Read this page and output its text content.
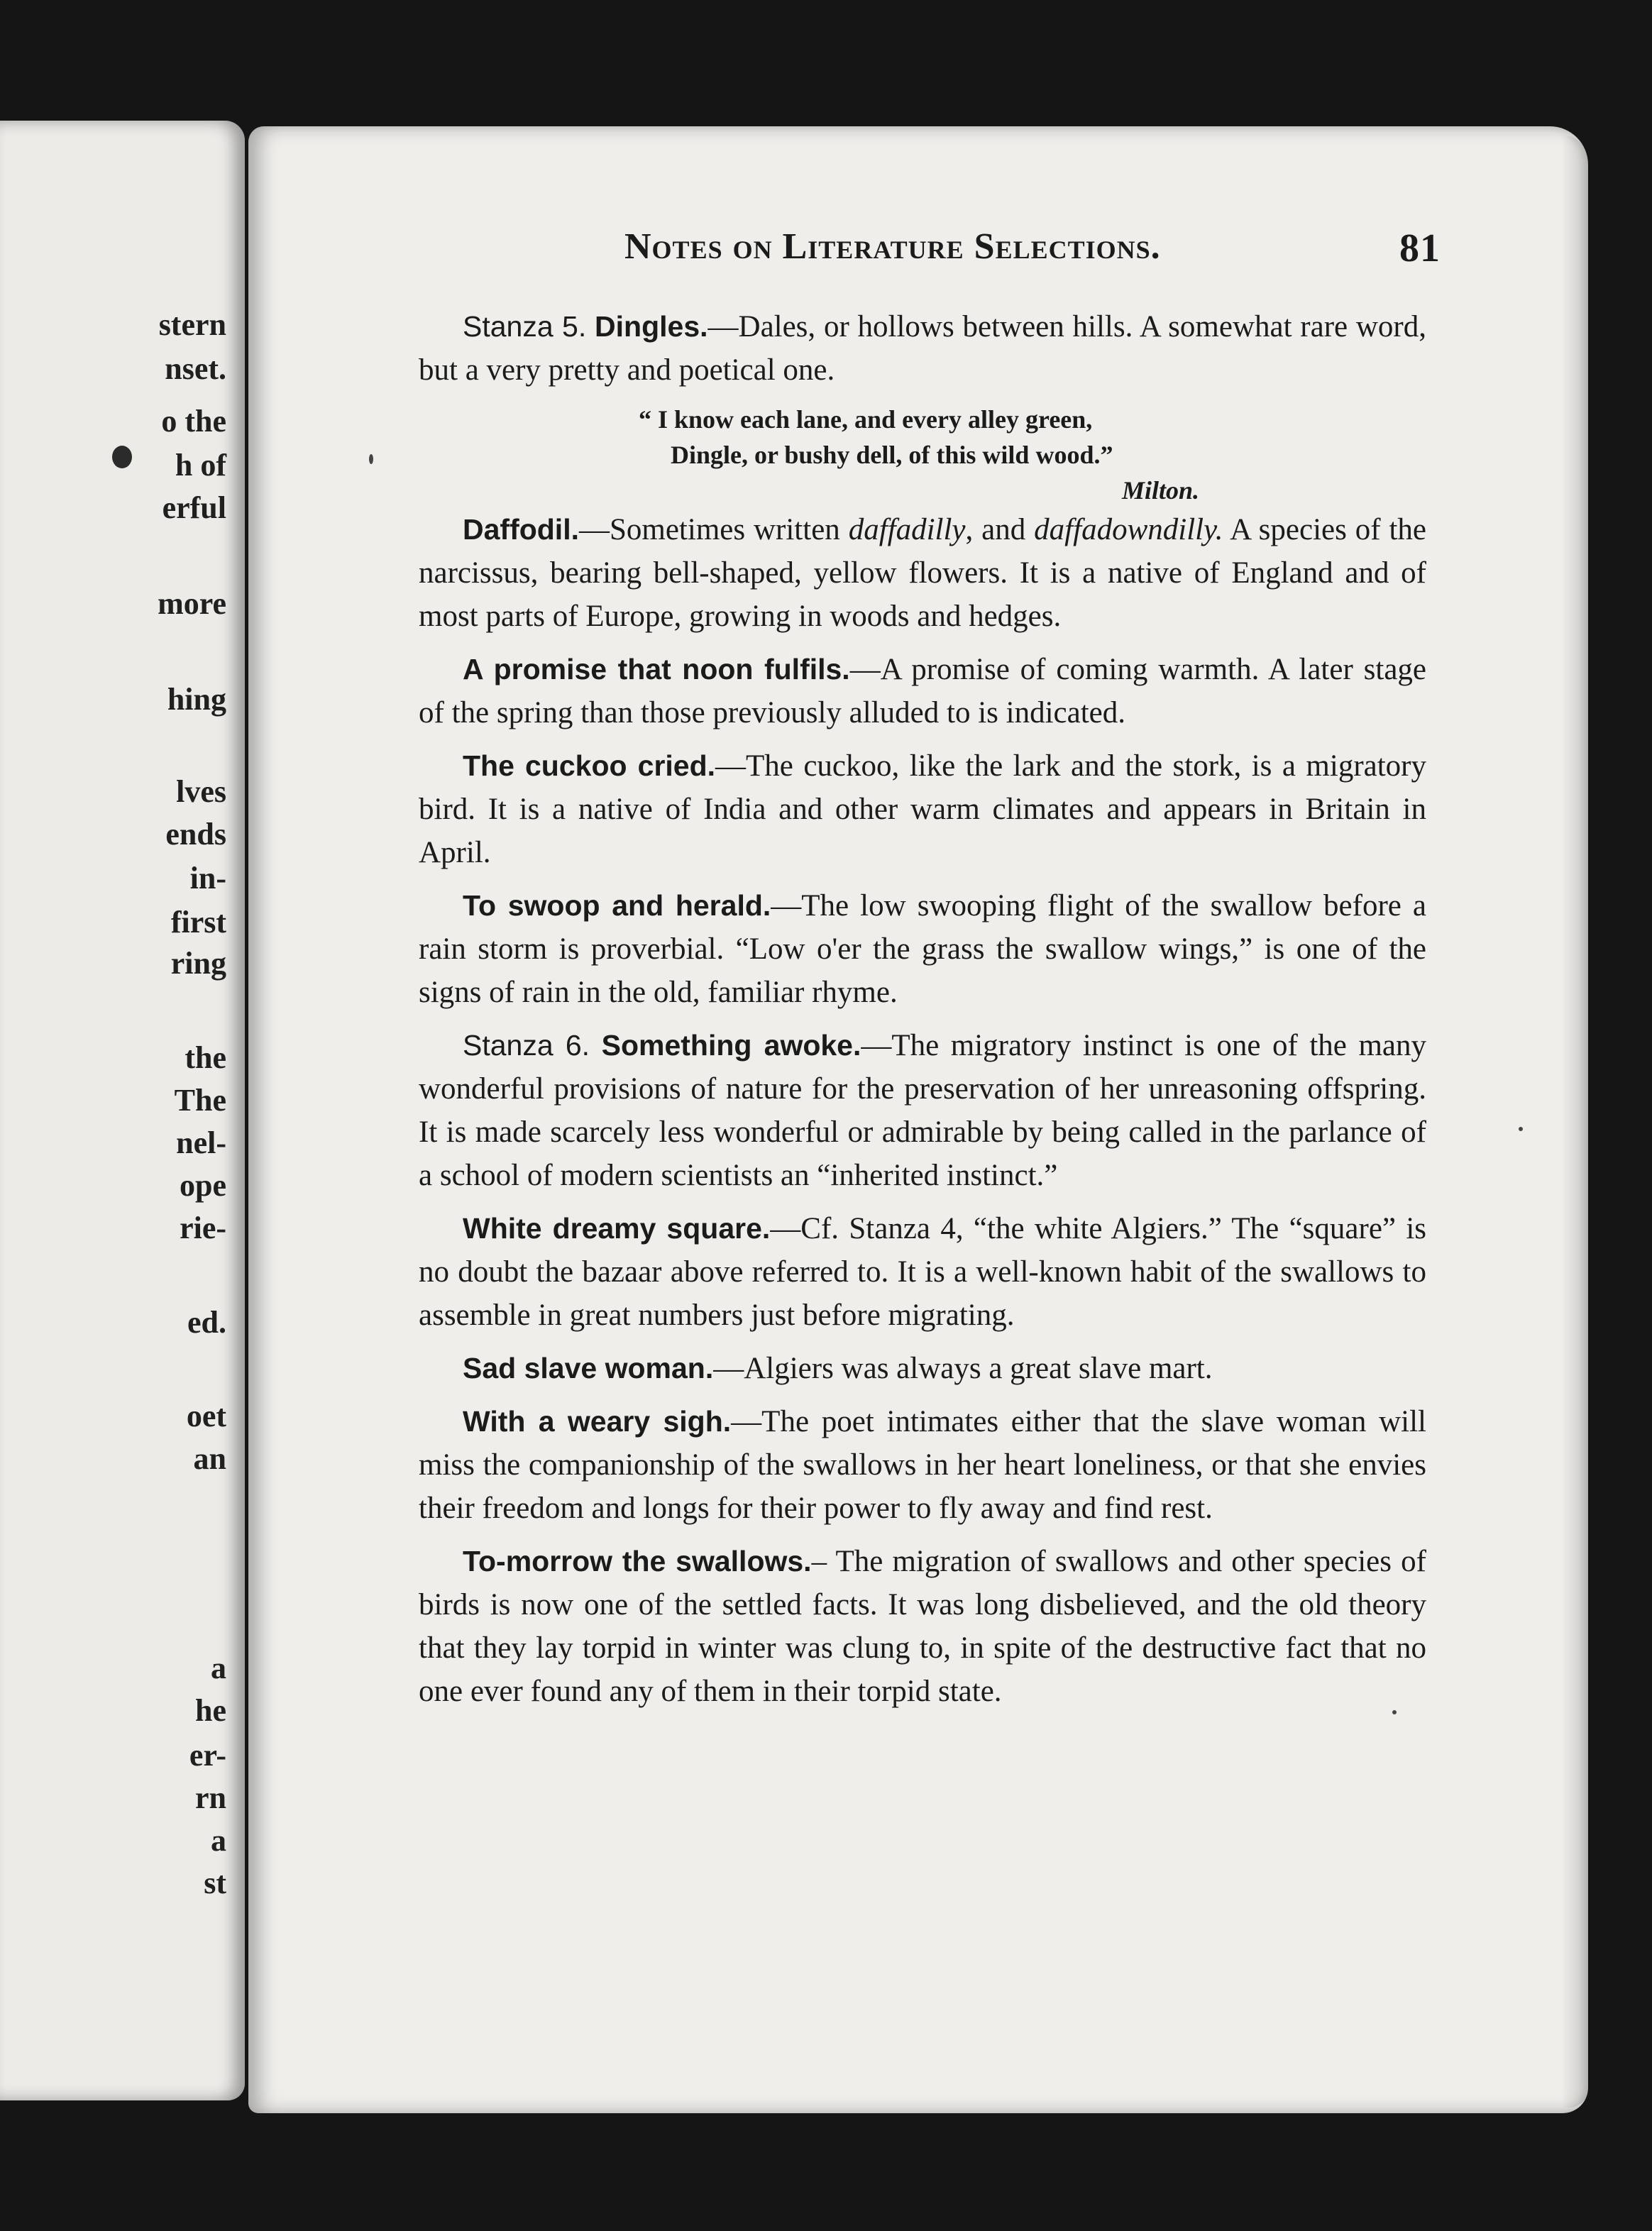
stern
nset.
o the
h of
erful
more
hing
lves
ends
in-
first
ring
the
The
nel-
ope
rie-
ed.
oet
an
a
he
er-
rn
a
st
Notes on Literature Selections.	81

Stanza 5. Dingles.—Dales, or hollows between hills. A somewhat rare word, but a very pretty and poetical one.

“ I know each lane, and every alley green,
Dingle, or bushy dell, of this wild wood.”
Milton.

Daffodil.—Sometimes written daffadilly, and daffadowndilly. A species of the narcissus, bearing bell-shaped, yellow flowers. It is a native of England and of most parts of Europe, growing in woods and hedges.

A promise that noon fulfils.—A promise of coming warmth. A later stage of the spring than those previously alluded to is indicated.

The cuckoo cried.—The cuckoo, like the lark and the stork, is a migratory bird. It is a native of India and other warm climates and appears in Britain in April.

To swoop and herald.—The low swooping flight of the swallow before a rain storm is proverbial. “Low o'er the grass the swallow wings,” is one of the signs of rain in the old, familiar rhyme.

Stanza 6. Something awoke.—The migratory instinct is one of the many wonderful provisions of nature for the preservation of her unreasoning offspring. It is made scarcely less wonderful or admirable by being called in the parlance of a school of modern scientists an “inherited instinct.”

White dreamy square.—Cf. Stanza 4, “the white Algiers.” The “square” is no doubt the bazaar above referred to. It is a well-known habit of the swallows to assemble in great numbers just before migrating.

Sad slave woman.—Algiers was always a great slave mart.

With a weary sigh.—The poet intimates either that the slave woman will miss the companionship of the swallows in her heart loneliness, or that she envies their freedom and longs for their power to fly away and find rest.

To-morrow the swallows.– The migration of swallows and other species of birds is now one of the settled facts. It was long disbelieved, and the old theory that they lay torpid in winter was clung to, in spite of the destructive fact that no one ever found any of them in their torpid state.
